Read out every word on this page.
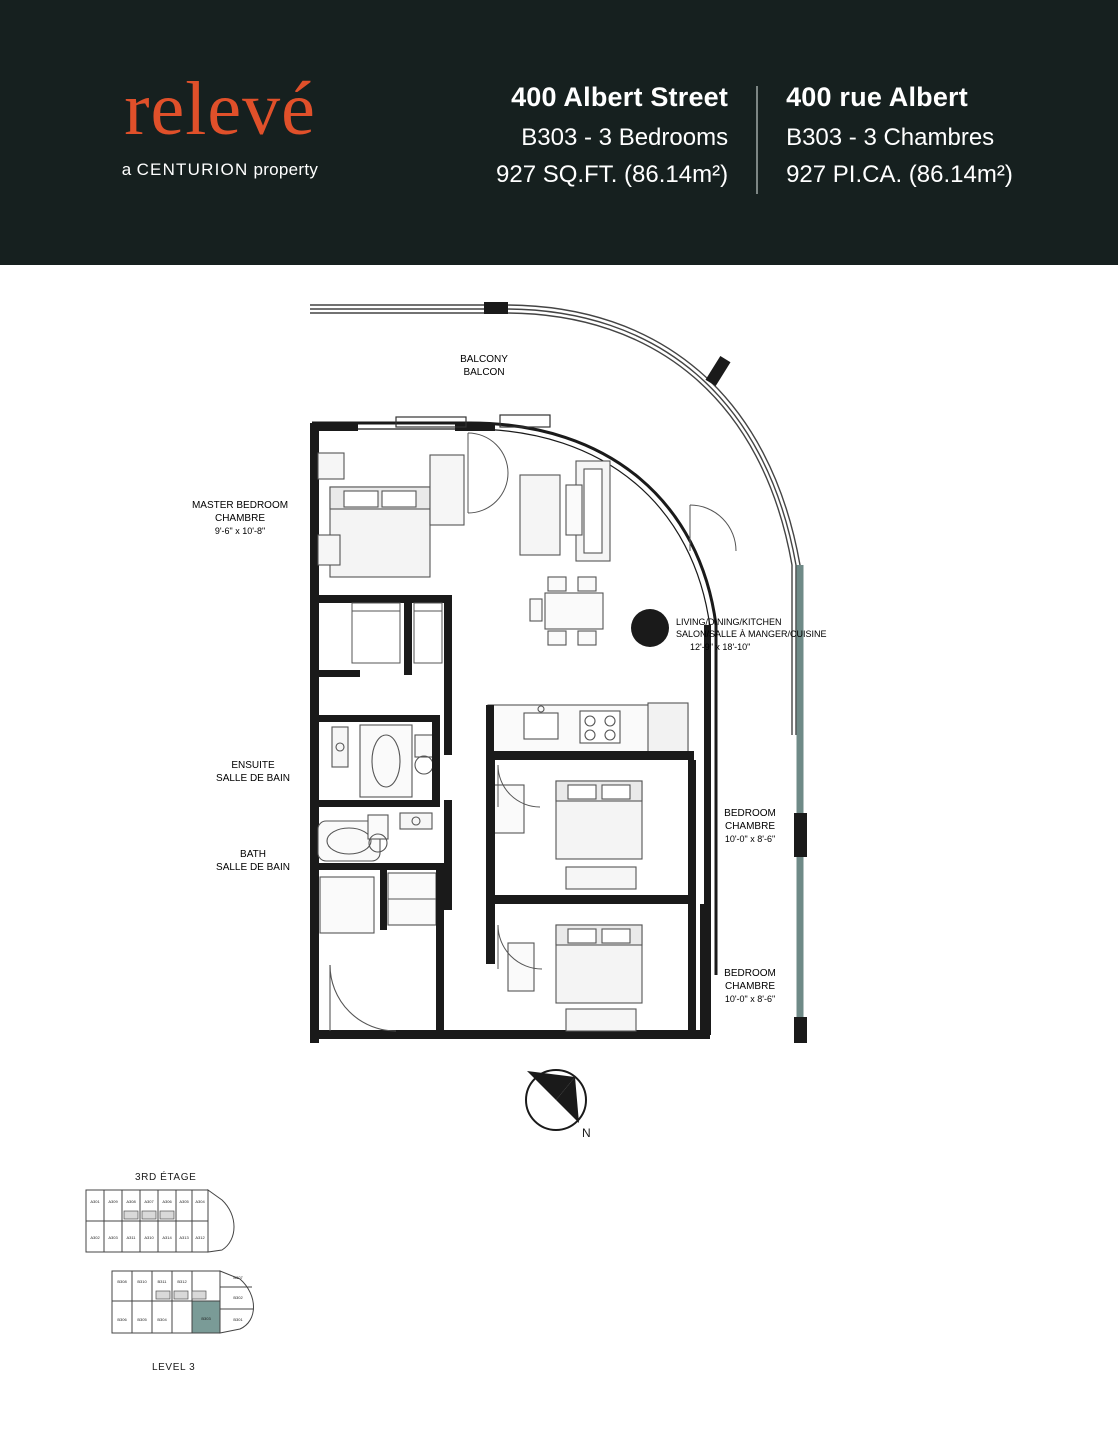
relevé
a CENTURION property
400 Albert Street
B303 - 3 Bedrooms
927 SQ.FT. (86.14m²)
400 rue Albert
B303 - 3 Chambres
927 PI.CA. (86.14m²)
BALCONY
BALCON
MASTER BEDROOM
CHAMBRE
9'-6" x 10'-8"
LIVING/DINING/KITCHEN
SALON/SALLE À MANGER/CUISINE
12'-9" x 18'-10"
ENSUITE
SALLE DE BAIN
BATH
SALLE DE BAIN
BEDROOM
CHAMBRE
10'-0" x 8'-6"
BEDROOM
CHAMBRE
10'-0" x 8'-6"
N
3RD ÉTAGE
A301 A309 A308 A307 A306 A305 A304
A302 A303 A311 A310 A314 A313 A312
B308	B310	B311	B312
B306	B305	B304	B303
B307
B302
B301
LEVEL 3
